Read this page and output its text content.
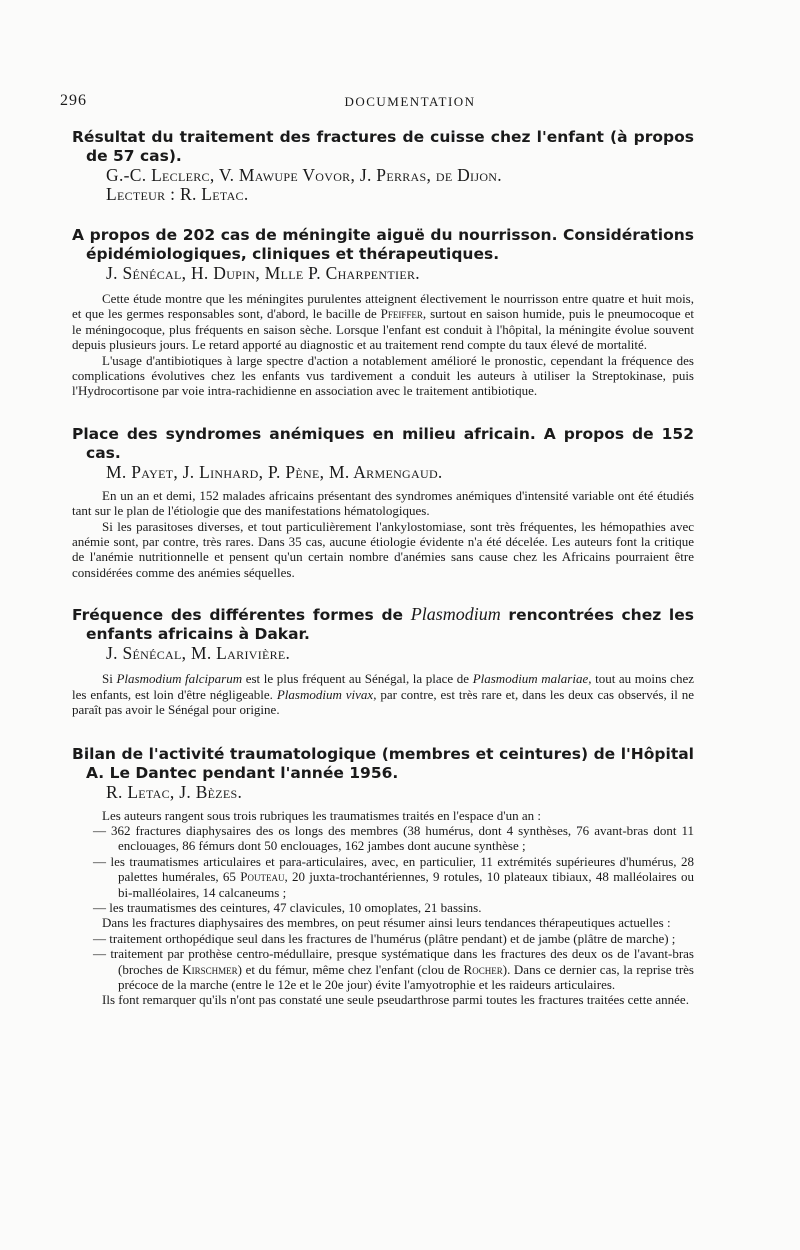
296	DOCUMENTATION
Résultat du traitement des fractures de cuisse chez l'enfant (à propos de 57 cas).
G.-C. Leclerc, V. Mawupe Vovor, J. Perras, de Dijon.
Lecteur : R. Letac.
A propos de 202 cas de méningite aiguë du nourrisson. Considérations épidémiologiques, cliniques et thérapeutiques.
J. Sénécal, H. Dupin, Mlle P. Charpentier.

Cette étude montre que les méningites purulentes atteignent électivement le nourrisson entre quatre et huit mois, et que les germes responsables sont, d'abord, le bacille de Pfeiffer, surtout en saison humide, puis le pneumocoque et le méningocoque, plus fréquents en saison sèche. Lorsque l'enfant est conduit à l'hôpital, la méningite évolue souvent depuis plusieurs jours. Le retard apporté au diagnostic et au traitement rend compte du taux élevé de mortalité.

L'usage d'antibiotiques à large spectre d'action a notablement amélioré le pronostic, cependant la fréquence des complications évolutives chez les enfants vus tardivement a conduit les auteurs à utiliser la Streptokinase, puis l'Hydrocortisone par voie intra-rachidienne en association avec le traitement antibiotique.

Place des syndromes anémiques en milieu africain. A propos de 152 cas.
M. Payet, J. Linhard, P. Pène, M. Armengaud.

En un an et demi, 152 malades africains présentant des syndromes anémiques d'intensité variable ont été étudiés tant sur le plan de l'étiologie que des manifestations hématologiques.

Si les parasitoses diverses, et tout particulièrement l'ankylostomiase, sont très fréquentes, les hémopathies avec anémie sont, par contre, très rares. Dans 35 cas, aucune étiologie évidente n'a été décelée. Les auteurs font la critique de l'anémie nutritionnelle et pensent qu'un certain nombre d'anémies sans cause chez les Africains pourraient être considérées comme des anémies séquelles.

Fréquence des différentes formes de Plasmodium rencontrées chez les enfants africains à Dakar.
J. Sénécal, M. Larivière.

Si Plasmodium falciparum est le plus fréquent au Sénégal, la place de Plasmodium malariae, tout au moins chez les enfants, est loin d'être négligeable. Plasmodium vivax, par contre, est très rare et, dans les deux cas observés, il ne paraît pas avoir le Sénégal pour origine.

Bilan de l'activité traumatologique (membres et ceintures) de l'Hôpital A. Le Dantec pendant l'année 1956.
R. Letac, J. Bèzes.

Les auteurs rangent sous trois rubriques les traumatismes traités en l'espace d'un an :

— 362 fractures diaphysaires des os longs des membres (38 humérus, dont 4 synthèses, 76 avant-bras dont 11 enclouages, 86 fémurs dont 50 enclouages, 162 jambes dont aucune synthèse ;
— les traumatismes articulaires et para-articulaires, avec, en particulier, 11 extrémités supérieures d'humérus, 28 palettes humérales, 65 Pouteau, 20 juxta-trochantériennes, 9 rotules, 10 plateaux tibiaux, 48 malléolaires ou bi-malléolaires, 14 calcaneums ;
— les traumatismes des ceintures, 47 clavicules, 10 omoplates, 21 bassins.

Dans les fractures diaphysaires des membres, on peut résumer ainsi leurs tendances thérapeutiques actuelles :

— traitement orthopédique seul dans les fractures de l'humérus (plâtre pendant) et de jambe (plâtre de marche) ;
— traitement par prothèse centro-médullaire, presque systématique dans les fractures des deux os de l'avant-bras (broches de Kirschmer) et du fémur, même chez l'enfant (clou de Rocher). Dans ce dernier cas, la reprise très précoce de la marche (entre le 12e et le 20e jour) évite l'amyotrophie et les raideurs articulaires.

Ils font remarquer qu'ils n'ont pas constaté une seule pseudarthrose parmi toutes les fractures traitées cette année.
